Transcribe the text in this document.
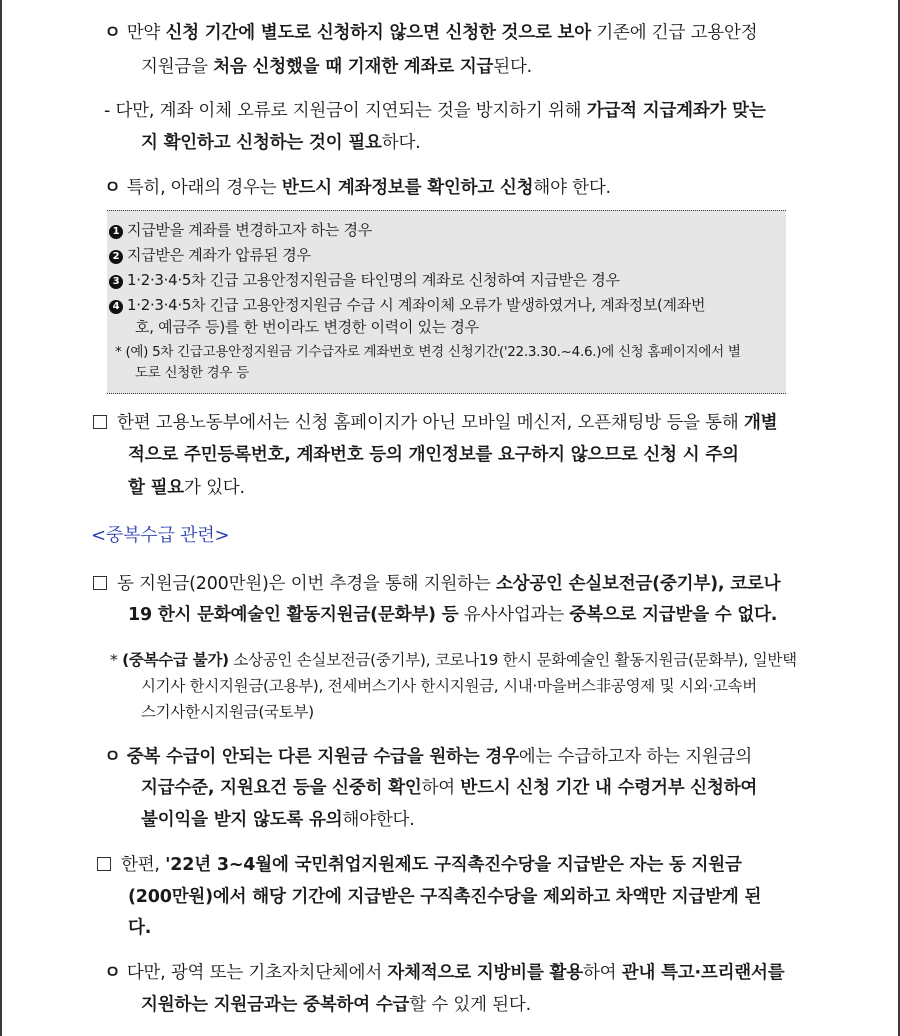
ㅇ 만약 신청 기간에 별도로 신청하지 않으면 신청한 것으로 보아 기존에 긴급 고용안정
지원금을 처음 신청했을 때 기재한 계좌로 지급된다.
- 다만, 계좌 이체 오류로 지원금이 지연되는 것을 방지하기 위해 가급적 지급계좌가 맞는
지 확인하고 신청하는 것이 필요하다.
ㅇ 특히, 아래의 경우는 반드시 계좌정보를 확인하고 신청해야 한다.
1 지급받을 계좌를 변경하고자 하는 경우
2 지급받은 계좌가 압류된 경우
3 1·2·3·4·5차 긴급 고용안정지원금을 타인명의 계좌로 신청하여 지급받은 경우
4 1·2·3·4·5차 긴급 고용안정지원금 수급 시 계좌이체 오류가 발생하였거나, 계좌정보(계좌번
호, 예금주 등)를 한 번이라도 변경한 이력이 있는 경우
* (예) 5차 긴급고용안정지원금 기수급자로 계좌번호 변경 신청기간('22.3.30.~4.6.)에 신청 홈페이지에서 별
도로 신청한 경우 등
한편 고용노동부에서는 신청 홈페이지가 아닌 모바일 메신저, 오픈채팅방 등을 통해 개별
적으로 주민등록번호, 계좌번호 등의 개인정보를 요구하지 않으므로 신청 시 주의
할 필요가 있다.
<중복수급 관련>
동 지원금(200만원)은 이번 추경을 통해 지원하는 소상공인 손실보전금(중기부), 코로나
19 한시 문화예술인 활동지원금(문화부) 등 유사사업과는 중복으로 지급받을 수 없다.
* (중복수급 불가) 소상공인 손실보전금(중기부), 코로나19 한시 문화예술인 활동지원금(문화부), 일반택
시기사 한시지원금(고용부), 전세버스기사 한시지원금, 시내·마을버스非공영제 및 시외·고속버
스기사한시지원금(국토부)
ㅇ 중복 수급이 안되는 다른 지원금 수급을 원하는 경우에는 수급하고자 하는 지원금의
지급수준, 지원요건 등을 신중히 확인하여 반드시 신청 기간 내 수령거부 신청하여
불이익을 받지 않도록 유의해야한다.
한편, '22년 3~4월에 국민취업지원제도 구직촉진수당을 지급받은 자는 동 지원금
(200만원)에서 해당 기간에 지급받은 구직촉진수당을 제외하고 차액만 지급받게 된
다.
ㅇ 다만, 광역 또는 기초자치단체에서 자체적으로 지방비를 활용하여 관내 특고·프리랜서를
지원하는 지원금과는 중복하여 수급할 수 있게 된다.
